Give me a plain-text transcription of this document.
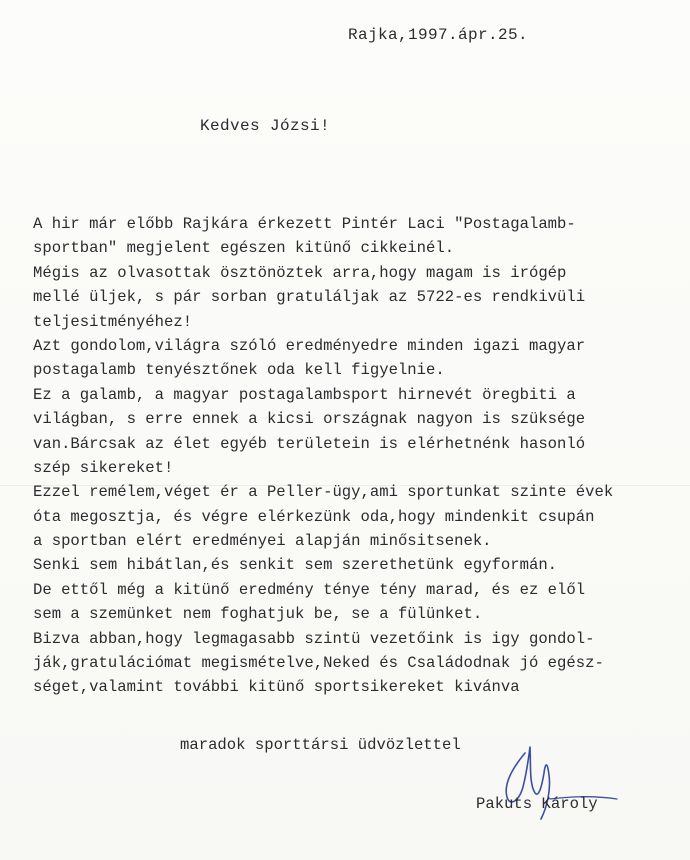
Rajka,1997.ápr.25.
Kedves Józsi!
A hir már előbb Rajkára érkezett Pintér Laci "Postagalamb-
sportban" megjelent egészen kitünő cikkeinél.
Mégis az olvasottak ösztönöztek arra,hogy magam is irógép
mellé üljek, s pár sorban gratuláljak az 5722-es rendkivüli
teljesitményéhez!
Azt gondolom,világra szóló eredményedre minden igazi magyar
postagalamb tenyésztőnek oda kell figyelnie.
Ez a galamb, a magyar postagalambsport hirnevét öregbiti a
világban, s erre ennek a kicsi országnak nagyon is szüksége
van.Bárcsak az élet egyéb területein is elérhetnénk hasonló
szép sikereket!
Ezzel remélem,véget ér a Peller-ügy,ami sportunkat szinte évek
óta megosztja, és végre elérkezünk oda,hogy mindenkit csupán
a sportban elért eredményei alapján minősitsenek.
Senki sem hibátlan,és senkit sem szerethetünk egyformán.
De ettől még a kitünő eredmény ténye tény marad, és ez elől
sem a szemünket nem foghatjuk be, se a fülünket.
Bizva abban,hogy legmagasabb szintü vezetőink is igy gondol-
ják,gratulációmat megismételve,Neked és Családodnak jó egész-
séget,valamint további kitünő sportsikereket kivánva
maradok sporttársi üdvözlettel
Pakuts Károly
